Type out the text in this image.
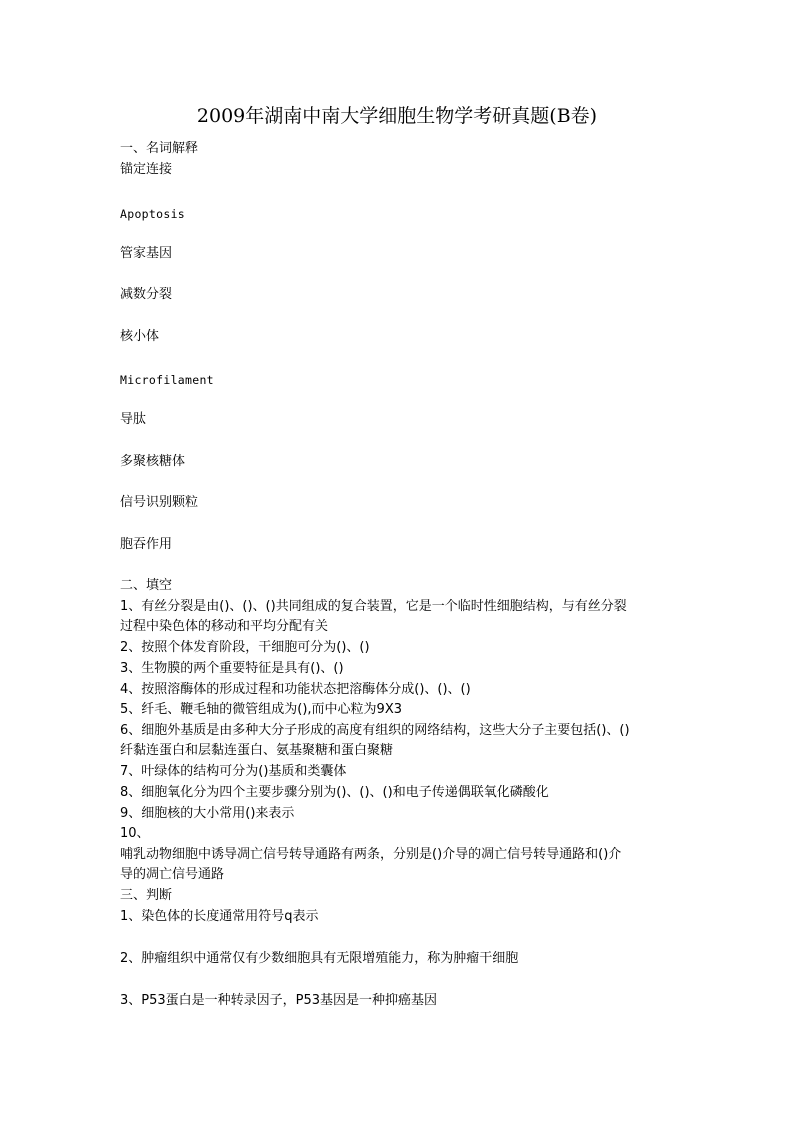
2009年湖南中南大学细胞生物学考研真题(B卷)
一、名词解释
锚定连接
Apoptosis
管家基因
减数分裂
核小体
Microfilament
导肽
多聚核糖体
信号识别颗粒
胞吞作用
二、填空
1、有丝分裂是由()、()、()共同组成的复合装置，它是一个临时性细胞结构，与有丝分裂
过程中染色体的移动和平均分配有关
2、按照个体发育阶段，干细胞可分为()、()
3、生物膜的两个重要特征是具有()、()
4、按照溶酶体的形成过程和功能状态把溶酶体分成()、()、()
5、纤毛、鞭毛轴的微管组成为(),而中心粒为9X3
6、细胞外基质是由多种大分子形成的高度有组织的网络结构，这些大分子主要包括()、()
纤黏连蛋白和层黏连蛋白、氨基聚糖和蛋白聚糖
7、叶绿体的结构可分为()基质和类囊体
8、细胞氧化分为四个主要步骤分别为()、()、()和电子传递偶联氧化磷酸化
9、细胞核的大小常用()来表示
10、
哺乳动物细胞中诱导凋亡信号转导通路有两条，分别是()介导的凋亡信号转导通路和()介
导的凋亡信号通路
三、判断
1、染色体的长度通常用符号q表示
2、肿瘤组织中通常仅有少数细胞具有无限增殖能力，称为肿瘤干细胞
3、P53蛋白是一种转录因子，P53基因是一种抑癌基因
